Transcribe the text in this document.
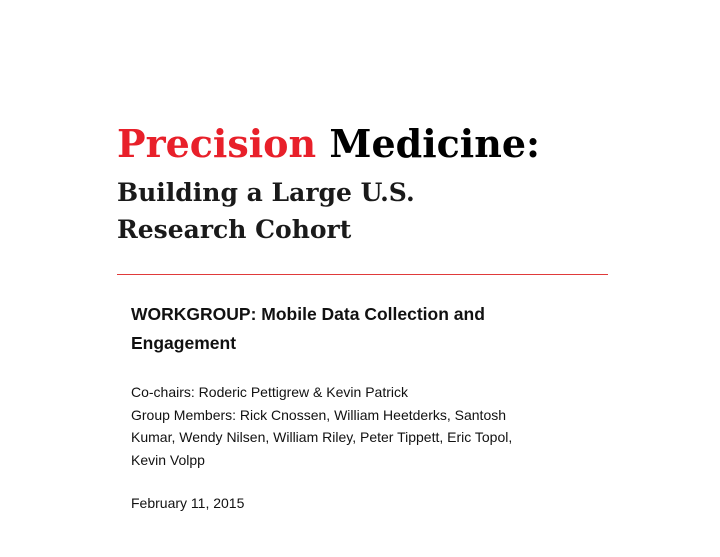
Precision Medicine:
Building a Large U.S.
Research Cohort
WORKGROUP: Mobile Data Collection and
Engagement
Co-chairs: Roderic Pettigrew & Kevin Patrick
Group Members: Rick Cnossen, William Heetderks, Santosh
Kumar, Wendy Nilsen, William Riley, Peter Tippett, Eric Topol,
Kevin Volpp
February 11, 2015
